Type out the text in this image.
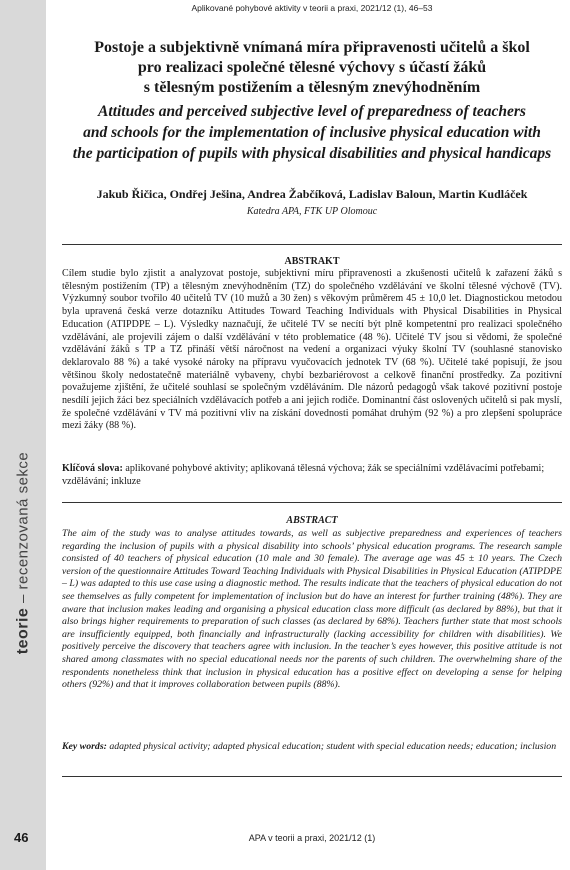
teorie – recenzovaná sekce
46
Aplikované pohybové aktivity v teorii a praxi, 2021/12 (1), 46–53
Postoje a subjektivně vnímaná míra připravenosti učitelů a škol
pro realizaci společné tělesné výchovy s účastí žáků
s tělesným postižením a tělesným znevýhodněním
Attitudes and perceived subjective level of preparedness of teachers
and schools for the implementation of inclusive physical education with
the participation of pupils with physical disabilities and physical handicaps
Jakub Řičica, Ondřej Ješina, Andrea Žabčíková, Ladislav Baloun, Martin Kudláček
Katedra APA, FTK UP Olomouc
ABSTRAKT

Cílem studie bylo zjistit a analyzovat postoje, subjektivní míru připravenosti a zkušenosti učitelů k zařazení žáků s tělesným postižením (TP) a tělesným znevýhodněním (TZ) do společného vzdělávání ve školní tělesné výchově (TV). Výzkumný soubor tvořilo 40 učitelů TV (10 mužů a 30 žen) s věkovým průměrem 45 ± 10,0 let. Diagnostickou metodou byla upravená česká verze dotazníku Attitudes Toward Teaching Individuals with Physical Disabilities in Physical Education (ATIPDPE – L). Výsledky naznačují, že učitelé TV se necítí být plně kompetentní pro realizaci společného vzdělávání, ale projevili zájem o další vzdělávání v této problematice (48 %). Učitelé TV jsou si vědomi, že společné vzdělávání žáků s TP a TZ přináší větší náročnost na vedení a organizaci výuky školní TV (souhlasné stanovisko deklarovalo 88 %) a také vysoké nároky na přípravu vyučovacích jednotek TV (68 %). Učitelé také popisují, že jsou většinou školy nedostatečně materiálně vybaveny, chybí bezbariérovost a celkově finanční prostředky. Za pozitivní považujeme zjištění, že učitelé souhlasí se společným vzděláváním. Dle názorů pedagogů však takové pozitivní postoje nesdílí jejich žáci bez speciálních vzdělávacích potřeb a ani jejich rodiče. Dominantní část oslovených učitelů si pak myslí, že společné vzdělávání v TV má pozitivní vliv na získání dovednosti pomáhat druhým (92 %) a pro zlepšení spolupráce mezi žáky (88 %).

Klíčová slova: aplikované pohybové aktivity; aplikovaná tělesná výchova; žák se speciálními vzdělávacími potřebami; vzdělávání; inkluze

ABSTRACT

The aim of the study was to analyse attitudes towards, as well as subjective preparedness and experiences of teachers regarding the inclusion of pupils with a physical disability into schools’ physical education programs. The research sample consisted of 40 teachers of physical education (10 male and 30 female). The average age was 45 ± 10 years. The Czech version of the questionnaire Attitudes Toward Teaching Individuals with Physical Disabilities in Physical Education (ATIPDPE – L) was adapted to this use case using a diagnostic method. The results indicate that the teachers of physical education do not see themselves as fully competent for implementation of inclusion but do have an interest for further training (48%). They are aware that inclusion makes leading and organising a physical education class more difficult (as declared by 88%), but that it also brings higher requirements to preparation of such classes (as declared by 68%). Teachers further state that most schools are insufficiently equipped, both financially and infrastructurally (lacking accessibility for children with disabilities). We positively perceive the discovery that teachers agree with inclusion. In the teacher’s eyes however, this positive attitude is not shared among classmates with no special educational needs nor the parents of such children. The overwhelming share of the respondents nonetheless think that inclusion in physical education has a positive effect on developing a sense for helping others (92%) and that it improves collaboration between pupils (88%).

Key words: adapted physical activity; adapted physical education; student with special education needs; education; inclusion

APA v teorii a praxi, 2021/12 (1)
